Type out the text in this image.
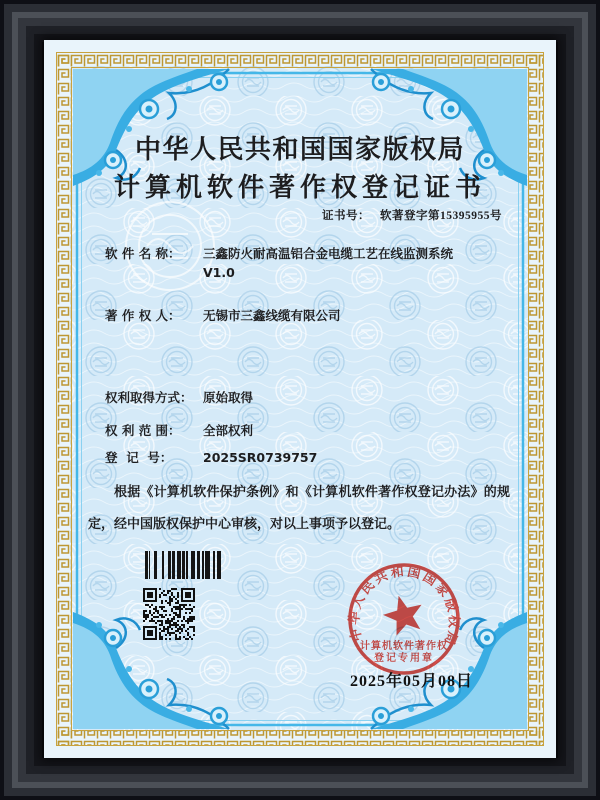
中华人民共和国国家版权局
计算机软件著作权登记证书
证书号： 软著登字第15395955号
软 件 名 称： 三鑫防火耐高温铝合金电缆工艺在线监测系统
V1.0
著 作 权 人： 无锡市三鑫线缆有限公司
权利取得方式： 原始取得
权 利 范 围： 全部权利
登  记  号： 2025SR0739757
根据《计算机软件保护条例》和《计算机软件著作权登记办法》的规定，经中国版权保护中心审核，对以上事项予以登记。
中华人民共和国国家版权局
计算机软件著作权
登记专用章
2025年05月08日
